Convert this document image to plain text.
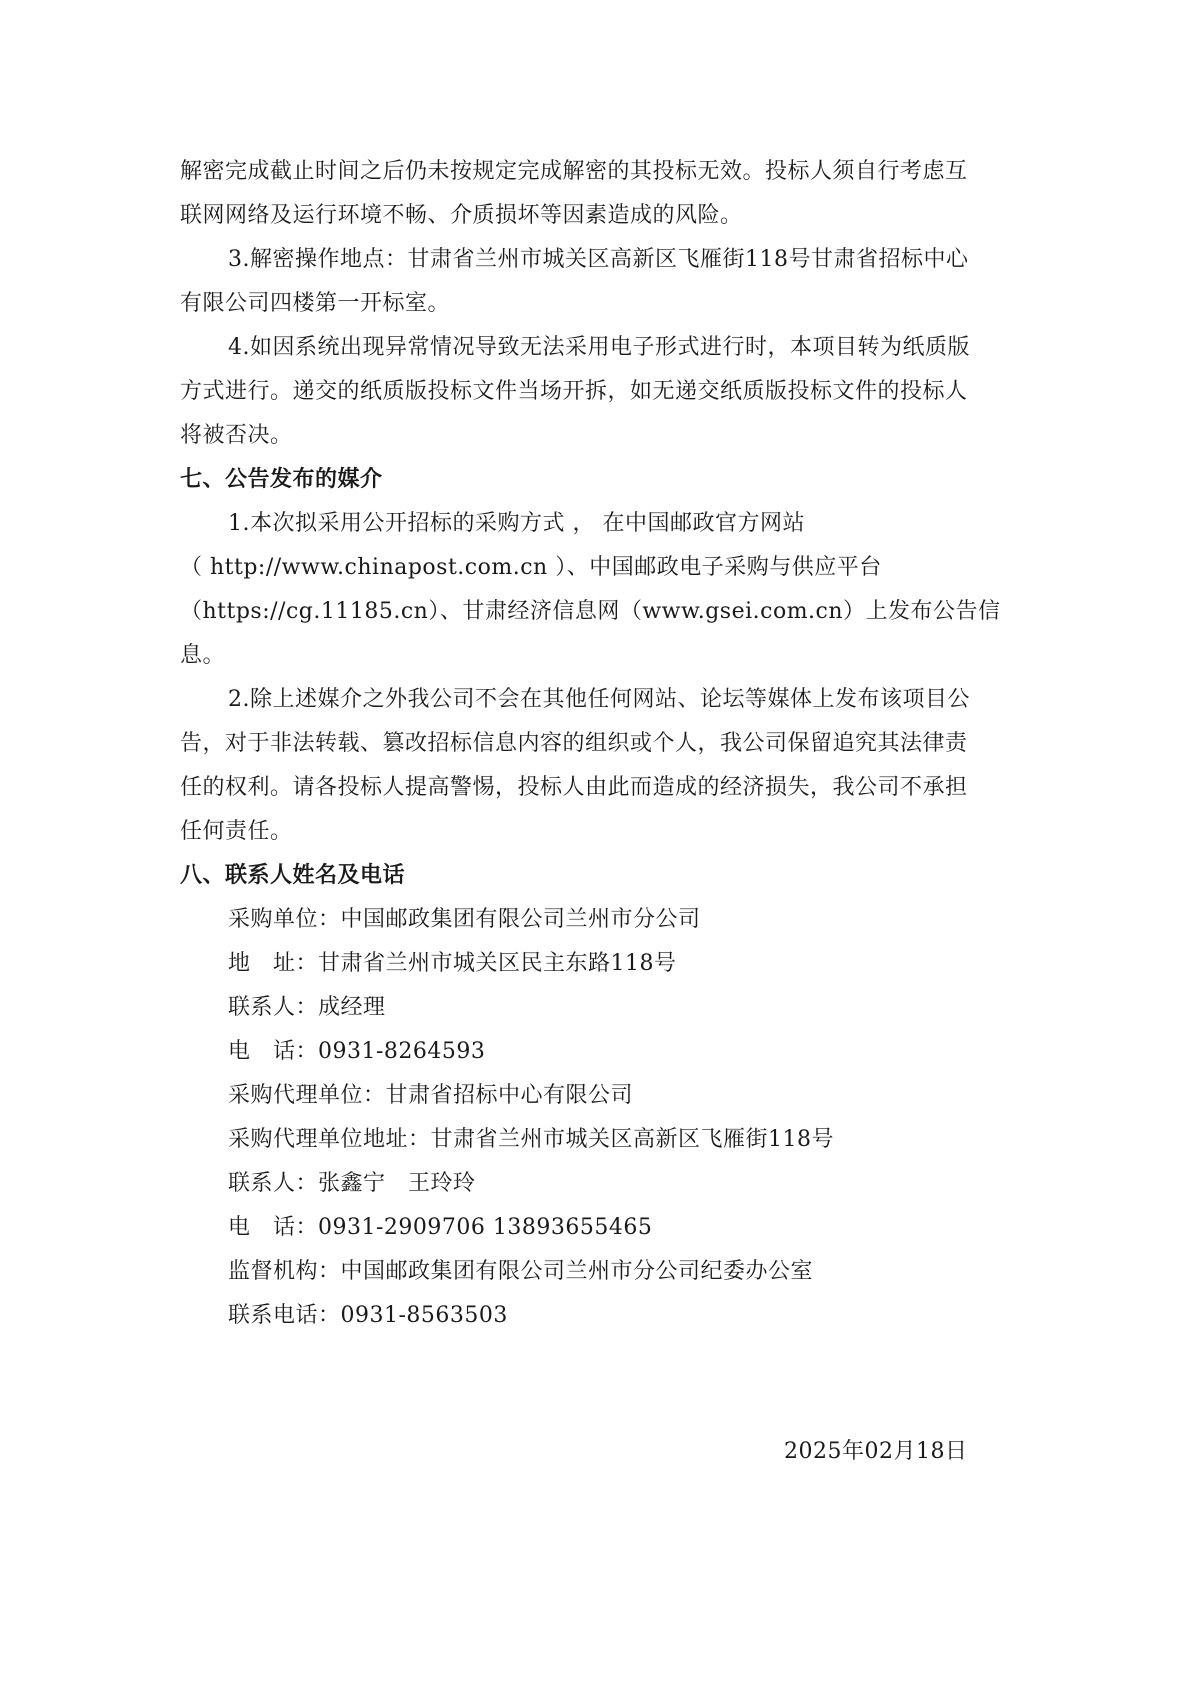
解密完成截止时间之后仍未按规定完成解密的其投标无效。投标人须自行考虑互

联网网络及运行环境不畅、介质损坏等因素造成的风险。

3.解密操作地点：甘肃省兰州市城关区高新区飞雁街118号甘肃省招标中心

有限公司四楼第一开标室。

4.如因系统出现异常情况导致无法采用电子形式进行时，本项目转为纸质版

方式进行。递交的纸质版投标文件当场开拆，如无递交纸质版投标文件的投标人

将被否决。

七、公告发布的媒介

1.本次拟采用公开招标的采购方式 ， 在中国邮政官方网站

（ http://www.chinapost.com.cn ）、中国邮政电子采购与供应平台

（https://cg.11185.cn）、甘肃经济信息网（www.gsei.com.cn）上发布公告信

息。

2.除上述媒介之外我公司不会在其他任何网站、论坛等媒体上发布该项目公

告，对于非法转载、篡改招标信息内容的组织或个人，我公司保留追究其法律责

任的权利。请各投标人提高警惕，投标人由此而造成的经济损失，我公司不承担

任何责任。

八、联系人姓名及电话

采购单位：中国邮政集团有限公司兰州市分公司

地　址：甘肃省兰州市城关区民主东路118号

联系人：成经理

电　话：0931-8264593

采购代理单位：甘肃省招标中心有限公司

采购代理单位地址：甘肃省兰州市城关区高新区飞雁街118号

联系人：张鑫宁　王玲玲

电　话：0931-2909706 13893655465

监督机构：中国邮政集团有限公司兰州市分公司纪委办公室

联系电话：0931-8563503

2025年02月18日
